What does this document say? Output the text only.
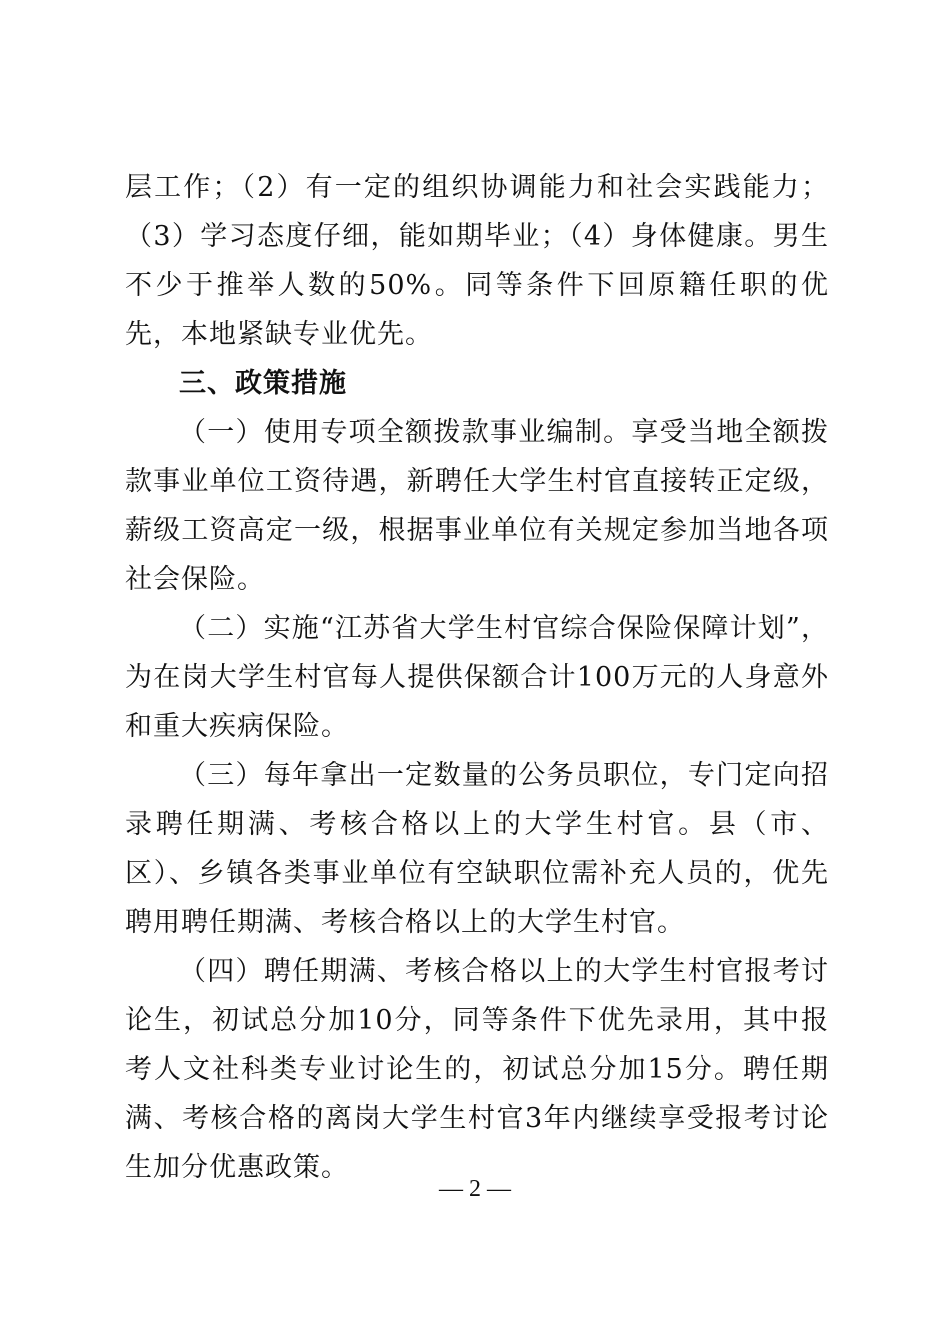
层工作；（2）有一定的组织协调能力和社会实践能力；（3）学习态度仔细，能如期毕业；（4）身体健康。男生不少于推举人数的50%。同等条件下回原籍任职的优先，本地紧缺专业优先。

三、政策措施

（一）使用专项全额拨款事业编制。享受当地全额拨款事业单位工资待遇，新聘任大学生村官直接转正定级，薪级工资高定一级，根据事业单位有关规定参加当地各项社会保险。

（二）实施“江苏省大学生村官综合保险保障计划”，为在岗大学生村官每人提供保额合计100万元的人身意外和重大疾病保险。

（三）每年拿出一定数量的公务员职位，专门定向招录聘任期满、考核合格以上的大学生村官。县（市、区）、乡镇各类事业单位有空缺职位需补充人员的，优先聘用聘任期满、考核合格以上的大学生村官。

（四）聘任期满、考核合格以上的大学生村官报考讨论生，初试总分加10分，同等条件下优先录用，其中报考人文社科类专业讨论生的，初试总分加15分。聘任期满、考核合格的离岗大学生村官3年内继续享受报考讨论生加分优惠政策。

— 2 —
